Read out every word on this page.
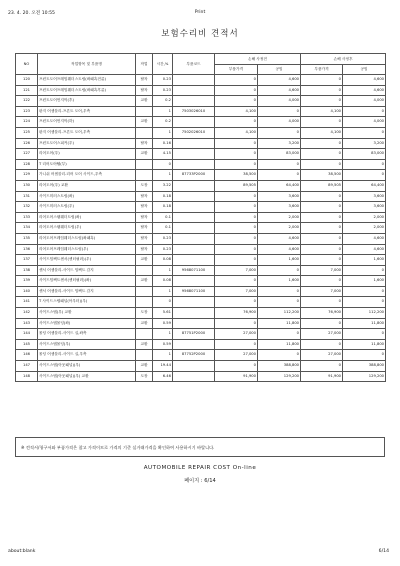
23. 4. 20. 오전 10:55	Print
보험수리비 견적서
NO	작업항목 및 부품명	작업	시간,%	부품코드	손해 사정전		손해 사정후	
					부품가격	공임	부품가격	공임
120	프런트도어프레임웨더스트립(좌패흑전륜)	탈착	0.23		0	4,600	0	4,600
121	프런트도어프레임웨더스트립(좌패흑후륜)	탈착	0.23		0	4,600	0	4,600
122	프런트도어먼지막(후)	교환	0.2		0	4,000	0	4,000
123	판지 어셈블리-프론트 도어,우측		1	7503026010	4,100	0	4,100	0
124	프런트도어먼지막(하)	교환	0.2		0	4,000	0	4,000
125	판지 어셈블리-프론트 도어,우측		1	7502026010	4,100	0	4,100	0
126	프런트도어스피커(우)	탈착	0.16		0	3,200	0	3,200
127	리어도어(우)	교환	4.15		0	83,000	0	83,000
128	T 리어도어쉘(부)		0		0	0	0	0
129	가니쉬 어셈블리-리어 도어 사이드,우측		1	87733P2000	38,500	0	38,500	0
130	리어도어(우) 교환	도장	3.22		89,505	64,400	89,505	64,400
131	사이드미러스트립(좌)	탈착	0.18		0	3,600	0	3,600
132	사이드미러스트립(우)	탈착	0.18		0	3,600	0	3,600
133	리어도어스탬웨더트립(좌)	탈착	0.1		0	2,000	0	2,000
134	리어도어스탬웨더트립(우)	탈착	0.1		0	2,000	0	2,000
135	리어도어프레임웨더스트립(좌패흑)	탈착	0.23		0	4,600	0	4,600
136	리어도어프레임웨더스트립(우)	탈착	0.23		0	4,600	0	4,600
137	사이드임팩트센서(센터필러)(우)	교환	0.08		0	1,600	0	1,600
138	센서 어셈블리-사이드 임팩트 감지		1	9568071100	7,000	0	7,000	0
139	사이드임팩트센서(센터필러)(좌)	교환	0.08		0	1,600	0	1,600
140	센서 어셈블리-사이드 임팩트 감지		1	9568071100	7,000	0	7,000	0
141	T 사이드스텝패널(아우터)(우)		0		0	0	0	0
142	사이드스텝(우) 교환	도장	5.61		76,900	112,200	76,900	112,200
143	사이드스텝몰딩(좌)	교환	0.59		0	11,800	0	11,800
144	몰딩 어셈블리-사이드 실,좌측		1	87751P2000	27,000	0	27,000	0
145	사이드스텝몰딩(우)	교환	0.59		0	11,800	0	11,800
146	몰딩 어셈블리-사이드 실,우측		1	87752P2000	27,000	0	27,000	0
147	사이드스텝(아웃패널)(우)	교환	19.44		0	388,800	0	388,800
148	사이드스텝(아웃패널)(우) 교환	도장	6.46		91,900	129,200	91,900	129,200
※ 견적서/청구서와 부품가격은 참고 가격이므로 가격의 기준 실거래가격을 확인하여 사용하시기 바랍니다.
AUTOMOBILE REPAIR COST On-line
페이지 : 6/14
about:blank	6/14
